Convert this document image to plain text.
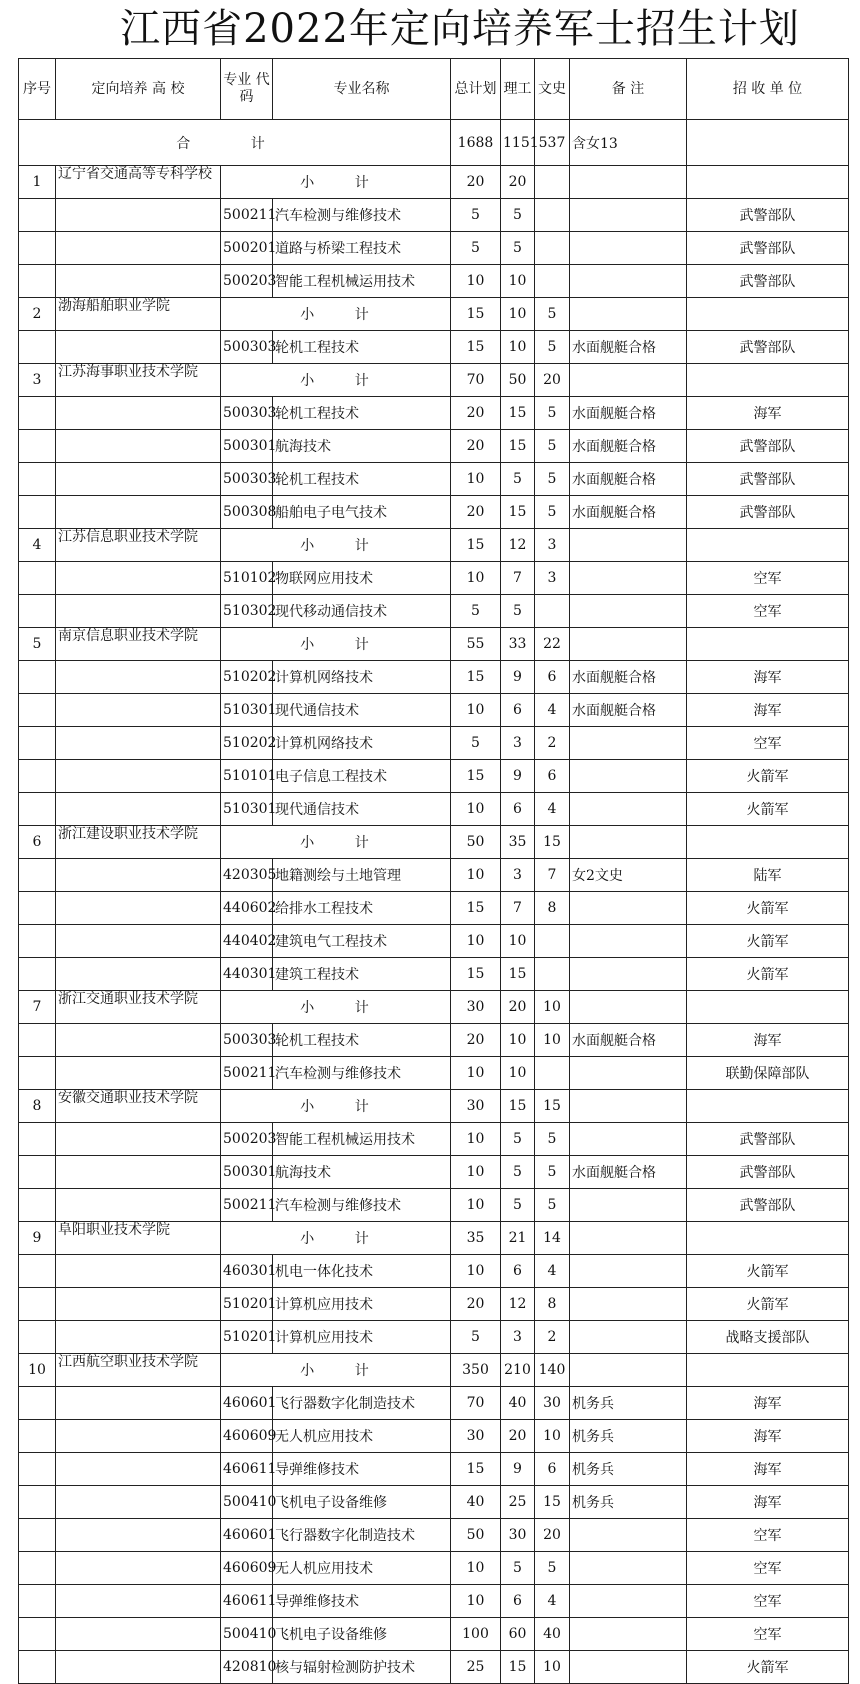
江西省2022年定向培养军士招生计划
序号	定向培养 高 校	专业 代码	专业名称	总计划	理工	文史	备 注	招 收 单 位
合 计				1688	1151	537	含女13	
1	辽宁省交通高等专科学校	小 计		20	20			
		500211	汽车检测与维修技术	5	5			武警部队
		500201	道路与桥梁工程技术	5	5			武警部队
		500203	智能工程机械运用技术	10	10			武警部队
2	渤海船舶职业学院	小 计		15	10	5		
		500303	轮机工程技术	15	10	5	水面舰艇合格	武警部队
3	江苏海事职业技术学院	小 计		70	50	20		
		500303	轮机工程技术	20	15	5	水面舰艇合格	海军
		500301	航海技术	20	15	5	水面舰艇合格	武警部队
		500303	轮机工程技术	10	5	5	水面舰艇合格	武警部队
		500308	船舶电子电气技术	20	15	5	水面舰艇合格	武警部队
4	江苏信息职业技术学院	小 计		15	12	3		
		510102	物联网应用技术	10	7	3		空军
		510302	现代移动通信技术	5	5			空军
5	南京信息职业技术学院	小 计		55	33	22		
		510202	计算机网络技术	15	9	6	水面舰艇合格	海军
		510301	现代通信技术	10	6	4	水面舰艇合格	海军
		510202	计算机网络技术	5	3	2		空军
		510101	电子信息工程技术	15	9	6		火箭军
		510301	现代通信技术	10	6	4		火箭军
6	浙江建设职业技术学院	小 计		50	35	15		
		420305	地籍测绘与土地管理	10	3	7	女2文史	陆军
		440602	给排水工程技术	15	7	8		火箭军
		440402	建筑电气工程技术	10	10			火箭军
		440301	建筑工程技术	15	15			火箭军
7	浙江交通职业技术学院	小 计		30	20	10		
		500303	轮机工程技术	20	10	10	水面舰艇合格	海军
		500211	汽车检测与维修技术	10	10			联勤保障部队
8	安徽交通职业技术学院	小 计		30	15	15		
		500203	智能工程机械运用技术	10	5	5		武警部队
		500301	航海技术	10	5	5	水面舰艇合格	武警部队
		500211	汽车检测与维修技术	10	5	5		武警部队
9	阜阳职业技术学院	小 计		35	21	14		
		460301	机电一体化技术	10	6	4		火箭军
		510201	计算机应用技术	20	12	8		火箭军
		510201	计算机应用技术	5	3	2		战略支援部队
10	江西航空职业技术学院	小 计		350	210	140		
		460601	飞行器数字化制造技术	70	40	30	机务兵	海军
		460609	无人机应用技术	30	20	10	机务兵	海军
		460611	导弹维修技术	15	9	6	机务兵	海军
		500410	飞机电子设备维修	40	25	15	机务兵	海军
		460601	飞行器数字化制造技术	50	30	20		空军
		460609	无人机应用技术	10	5	5		空军
		460611	导弹维修技术	10	6	4		空军
		500410	飞机电子设备维修	100	60	40		空军
		420810	核与辐射检测防护技术	25	15	10		火箭军
